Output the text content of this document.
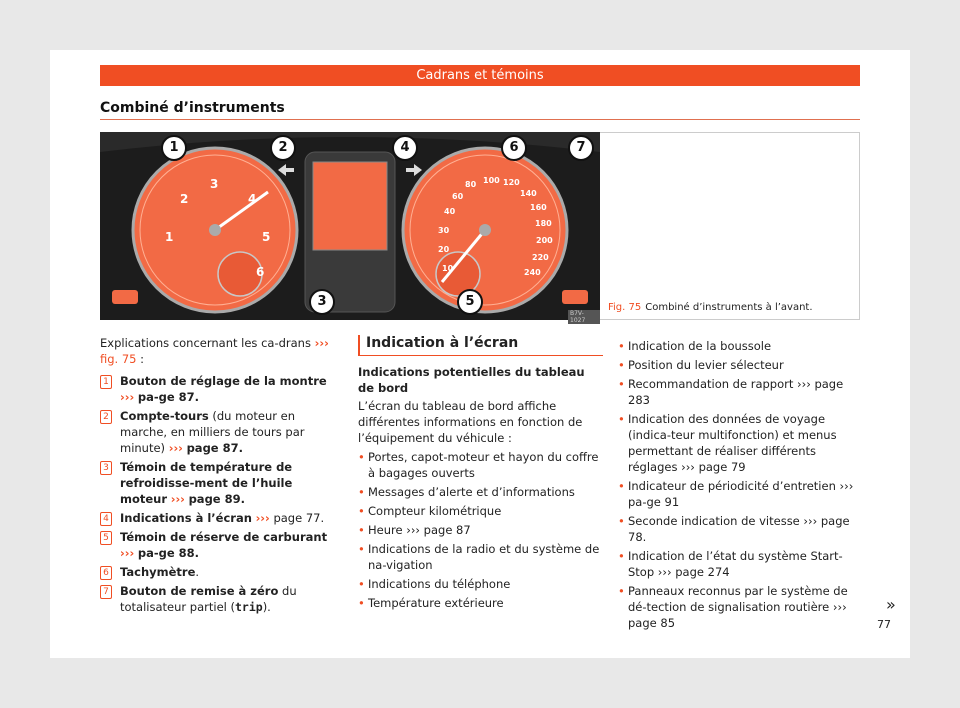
Cadrans et témoins
Combiné d’instruments
1
2
3
4
5
6	10
20
30
40
60
80 100 120
140
160
180
200
220
240
1	2
3
4
5
6	7
B7V-1027
Fig. 75 Combiné d’instruments à l’avant.
Explications concernant les ca-drans ››› fig. 75 :
1 Bouton de réglage de la montre ››› pa-ge 87.
2 Compte-tours (du moteur en marche, en milliers de tours par minute) ››› page 87.
3 Témoin de température de refroidisse-ment de l’huile moteur ››› page 89.
4 Indications à l’écran ››› page 77.
5 Témoin de réserve de carburant ››› pa-ge 88.
6 Tachymètre.
7 Bouton de remise à zéro du totalisateur partiel (trip).
Indication à l’écran
Indications potentielles du tableau de bord
L’écran du tableau de bord affiche différentes informations en fonction de l’équipement du véhicule :
• Portes, capot-moteur et hayon du coffre à bagages ouverts
• Messages d’alerte et d’informations
• Compteur kilométrique
• Heure ››› page 87
• Indications de la radio et du système de na-vigation
• Indications du téléphone
• Température extérieure
• Indication de la boussole
• Position du levier sélecteur
• Recommandation de rapport ››› page 283
• Indication des données de voyage (indica-teur multifonction) et menus permettant de réaliser différents réglages ››› page 79
• Indicateur de périodicité d’entretien ››› pa-ge 91
• Seconde indication de vitesse ››› page 78.
• Indication de l’état du système Start-Stop ››› page 274
• Panneaux reconnus par le système de dé-tection de signalisation routière ››› page 85
»
77
